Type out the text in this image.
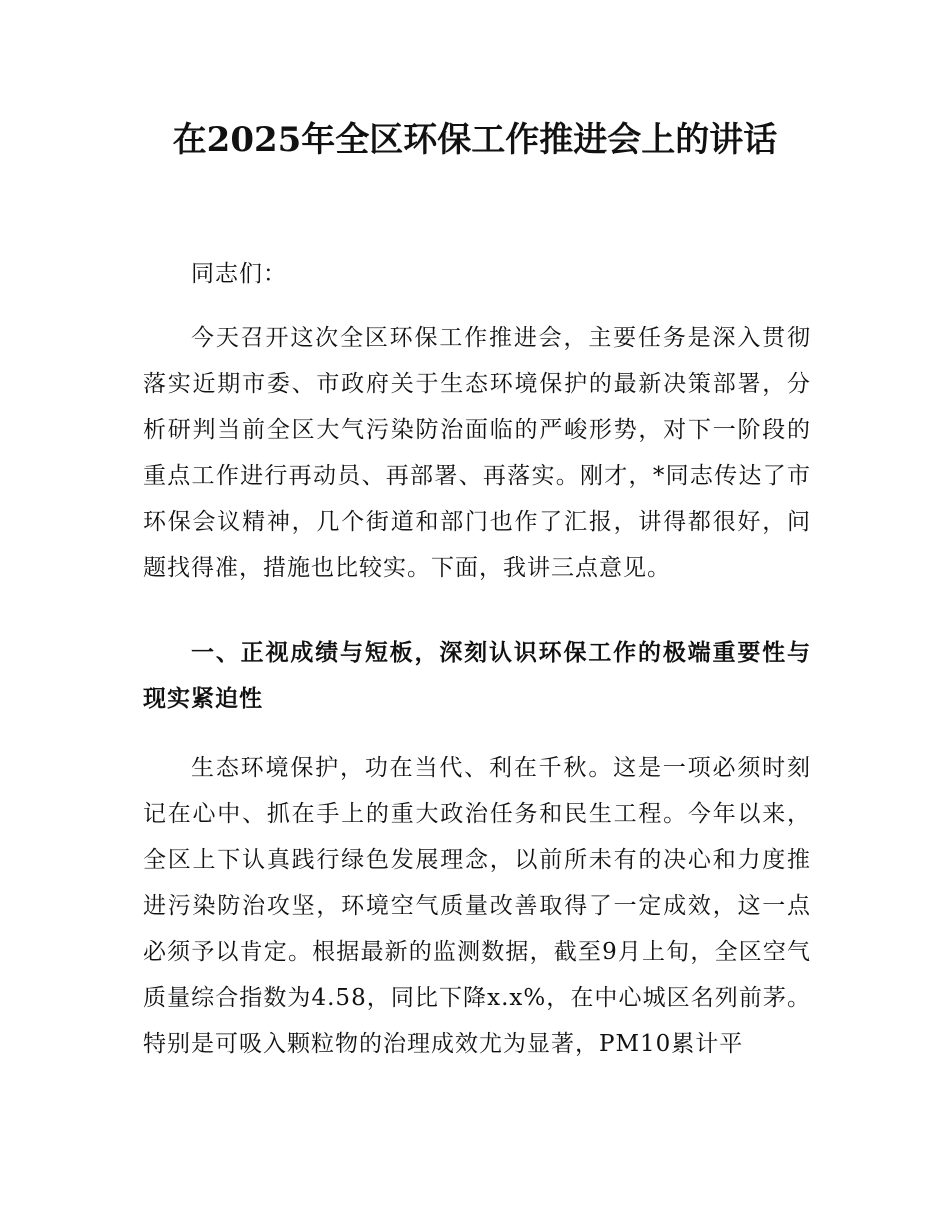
在2025年全区环保工作推进会上的讲话

同志们：

今天召开这次全区环保工作推进会，主要任务是深入贯彻落实近期市委、市政府关于生态环境保护的最新决策部署，分析研判当前全区大气污染防治面临的严峻形势，对下一阶段的重点工作进行再动员、再部署、再落实。刚才，*同志传达了市环保会议精神，几个街道和部门也作了汇报，讲得都很好，问题找得准，措施也比较实。下面，我讲三点意见。

一、正视成绩与短板，深刻认识环保工作的极端重要性与现实紧迫性

生态环境保护，功在当代、利在千秋。这是一项必须时刻记在心中、抓在手上的重大政治任务和民生工程。今年以来，全区上下认真践行绿色发展理念，以前所未有的决心和力度推进污染防治攻坚，环境空气质量改善取得了一定成效，这一点必须予以肯定。根据最新的监测数据，截至9月上旬，全区空气质量综合指数为4.58，同比下降x.x%，在中心城区名列前茅。特别是可吸入颗粒物的治理成效尤为显著，PM10累计平
